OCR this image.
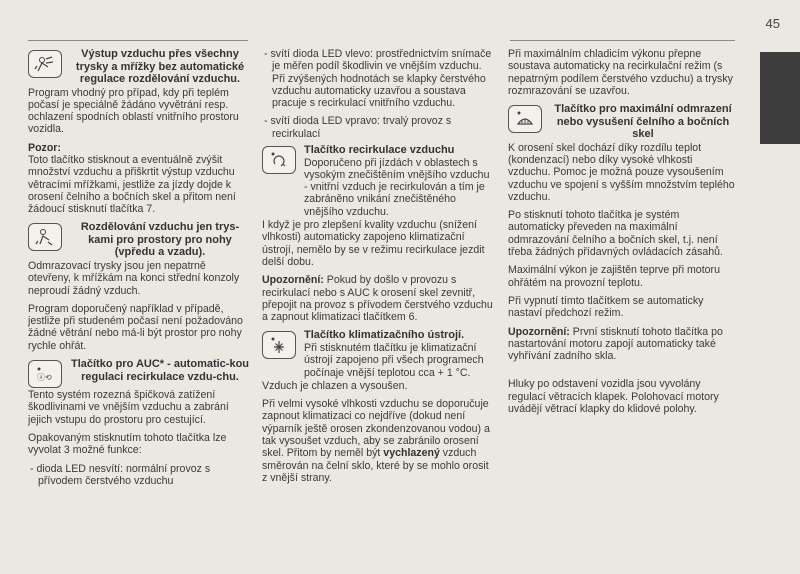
45
Výstup vzduchu přes všechny trysky a mřížky bez automatické regulace rozdělování vzduchu.

Program vhodný pro případ, kdy při teplém počasí je speciálně žádáno vyvětrání resp. ochlazení spodních oblastí vnitřního prostoru vozidla.

Pozor:
Toto tlačítko stisknout a eventuálně zvýšit množství vzduchu a přiškrtit výstup vzduchu větracími mřížkami, jestliže za jízdy dojde k orosení čelního a bočních skel a přitom není žádoucí stisknutí tlačítka 7.

Rozdělování vzduchu jen trys-kami pro prostory pro nohy (vpředu a vzadu).

Odmrazovací trysky jsou jen nepatrně otevřeny, k mřížkám na konci střední konzoly neproudí žádný vzduch.

Program doporučený například v případě, jestliže při studeném počasí není požadováno žádné větrání nebo má-li být prostor pro nohy rychle ohřát.

ⓐ⟲
Tlačítko pro AUC* - automatic-kou regulaci recirkulace vzdu-chu.

Tento systém rozezná špičková zatížení škodlivinami ve vnějším vzduchu a zabrání jejich vstupu do prostoru pro cestující.

Opakovaným stisknutím tohoto tlačítka lze vyvolat 3 možné funkce:

- dioda LED nesvítí: normální provoz s přívodem čerstvého vzduchu
- svítí dioda LED vlevo: prostřednictvím snímače je měřen podíl škodlivin ve vnějším vzduchu.

Při zvýšených hodnotách se klapky čerstvého vzduchu automaticky uzavřou a soustava pracuje s recirkulací vnitřního vzduchu.

- svítí dioda LED vpravo: trvalý provoz s recirkulací
Tlačítko recirkulace vzduchu
Doporučeno při jízdách v oblastech s vysokým znečištěním vnějšího vzduchu - vnitřní vzduch je recirkulován a tím je zabráněno vnikání znečištěného vnějšího vzduchu.

I když je pro zlepšení kvality vzduchu (snížení vlhkosti) automaticky zapojeno klimatizační ústrojí, nemělo by se v režimu recirkulace jezdit delší dobu.

Upozornění: Pokud by došlo v provozu s recirkulací nebo s AUC k orosení skel zevnitř, přepojit na provoz s přívodem čerstvého vzduchu a zapnout klimatizaci tlačítkem 6.

Tlačítko klimatizačního ústrojí.
Při stisknutém tlačítku je klimatizační ústrojí zapojeno při všech programech počínaje vnější teplotou cca + 1 °C.

Vzduch je chlazen a vysoušen.

Při velmi vysoké vlhkosti vzduchu se doporučuje zapnout klimatizaci co nejdříve (dokud není výparník ještě orosen zkondenzovanou vodou) a tak vysoušet vzduch, aby se zabránilo orosení skel. Přitom by neměl být vychlazený vzduch směrován na čelní sklo, které by se mohlo orosit z vnější strany.

Při maximálním chladicím výkonu přepne soustava automaticky na recirkulační režim (s nepatrným podílem čerstvého vzduchu) a trysky rozmrazování se uzavřou.

Tlačítko pro maximální odmrazení nebo vysušení čelního a bočních skel

K orosení skel dochází díky rozdílu teplot (kondenzací) nebo díky vysoké vlhkosti vzduchu. Pomoc je možná pouze vysoušením vzduchu ve spojení s vyšším množstvím teplého vzduchu.

Po stisknutí tohoto tlačítka je systém automaticky převeden na maximální odmrazování čelního a bočních skel, t.j. není třeba žádných přídavných ovládacích zásahů.

Maximální výkon je zajištěn teprve při motoru ohřátém na provozní teplotu.

Při vypnutí tímto tlačítkem se automaticky nastaví předchozí režim.

Upozornění: První stisknutí tohoto tlačítka po nastartování motoru zapojí automaticky také vyhřívání zadního skla.

Hluky po odstavení vozidla jsou vyvolány regulací větracích klapek. Polohovací motory uvádějí větrací klapky do klidové polohy.
